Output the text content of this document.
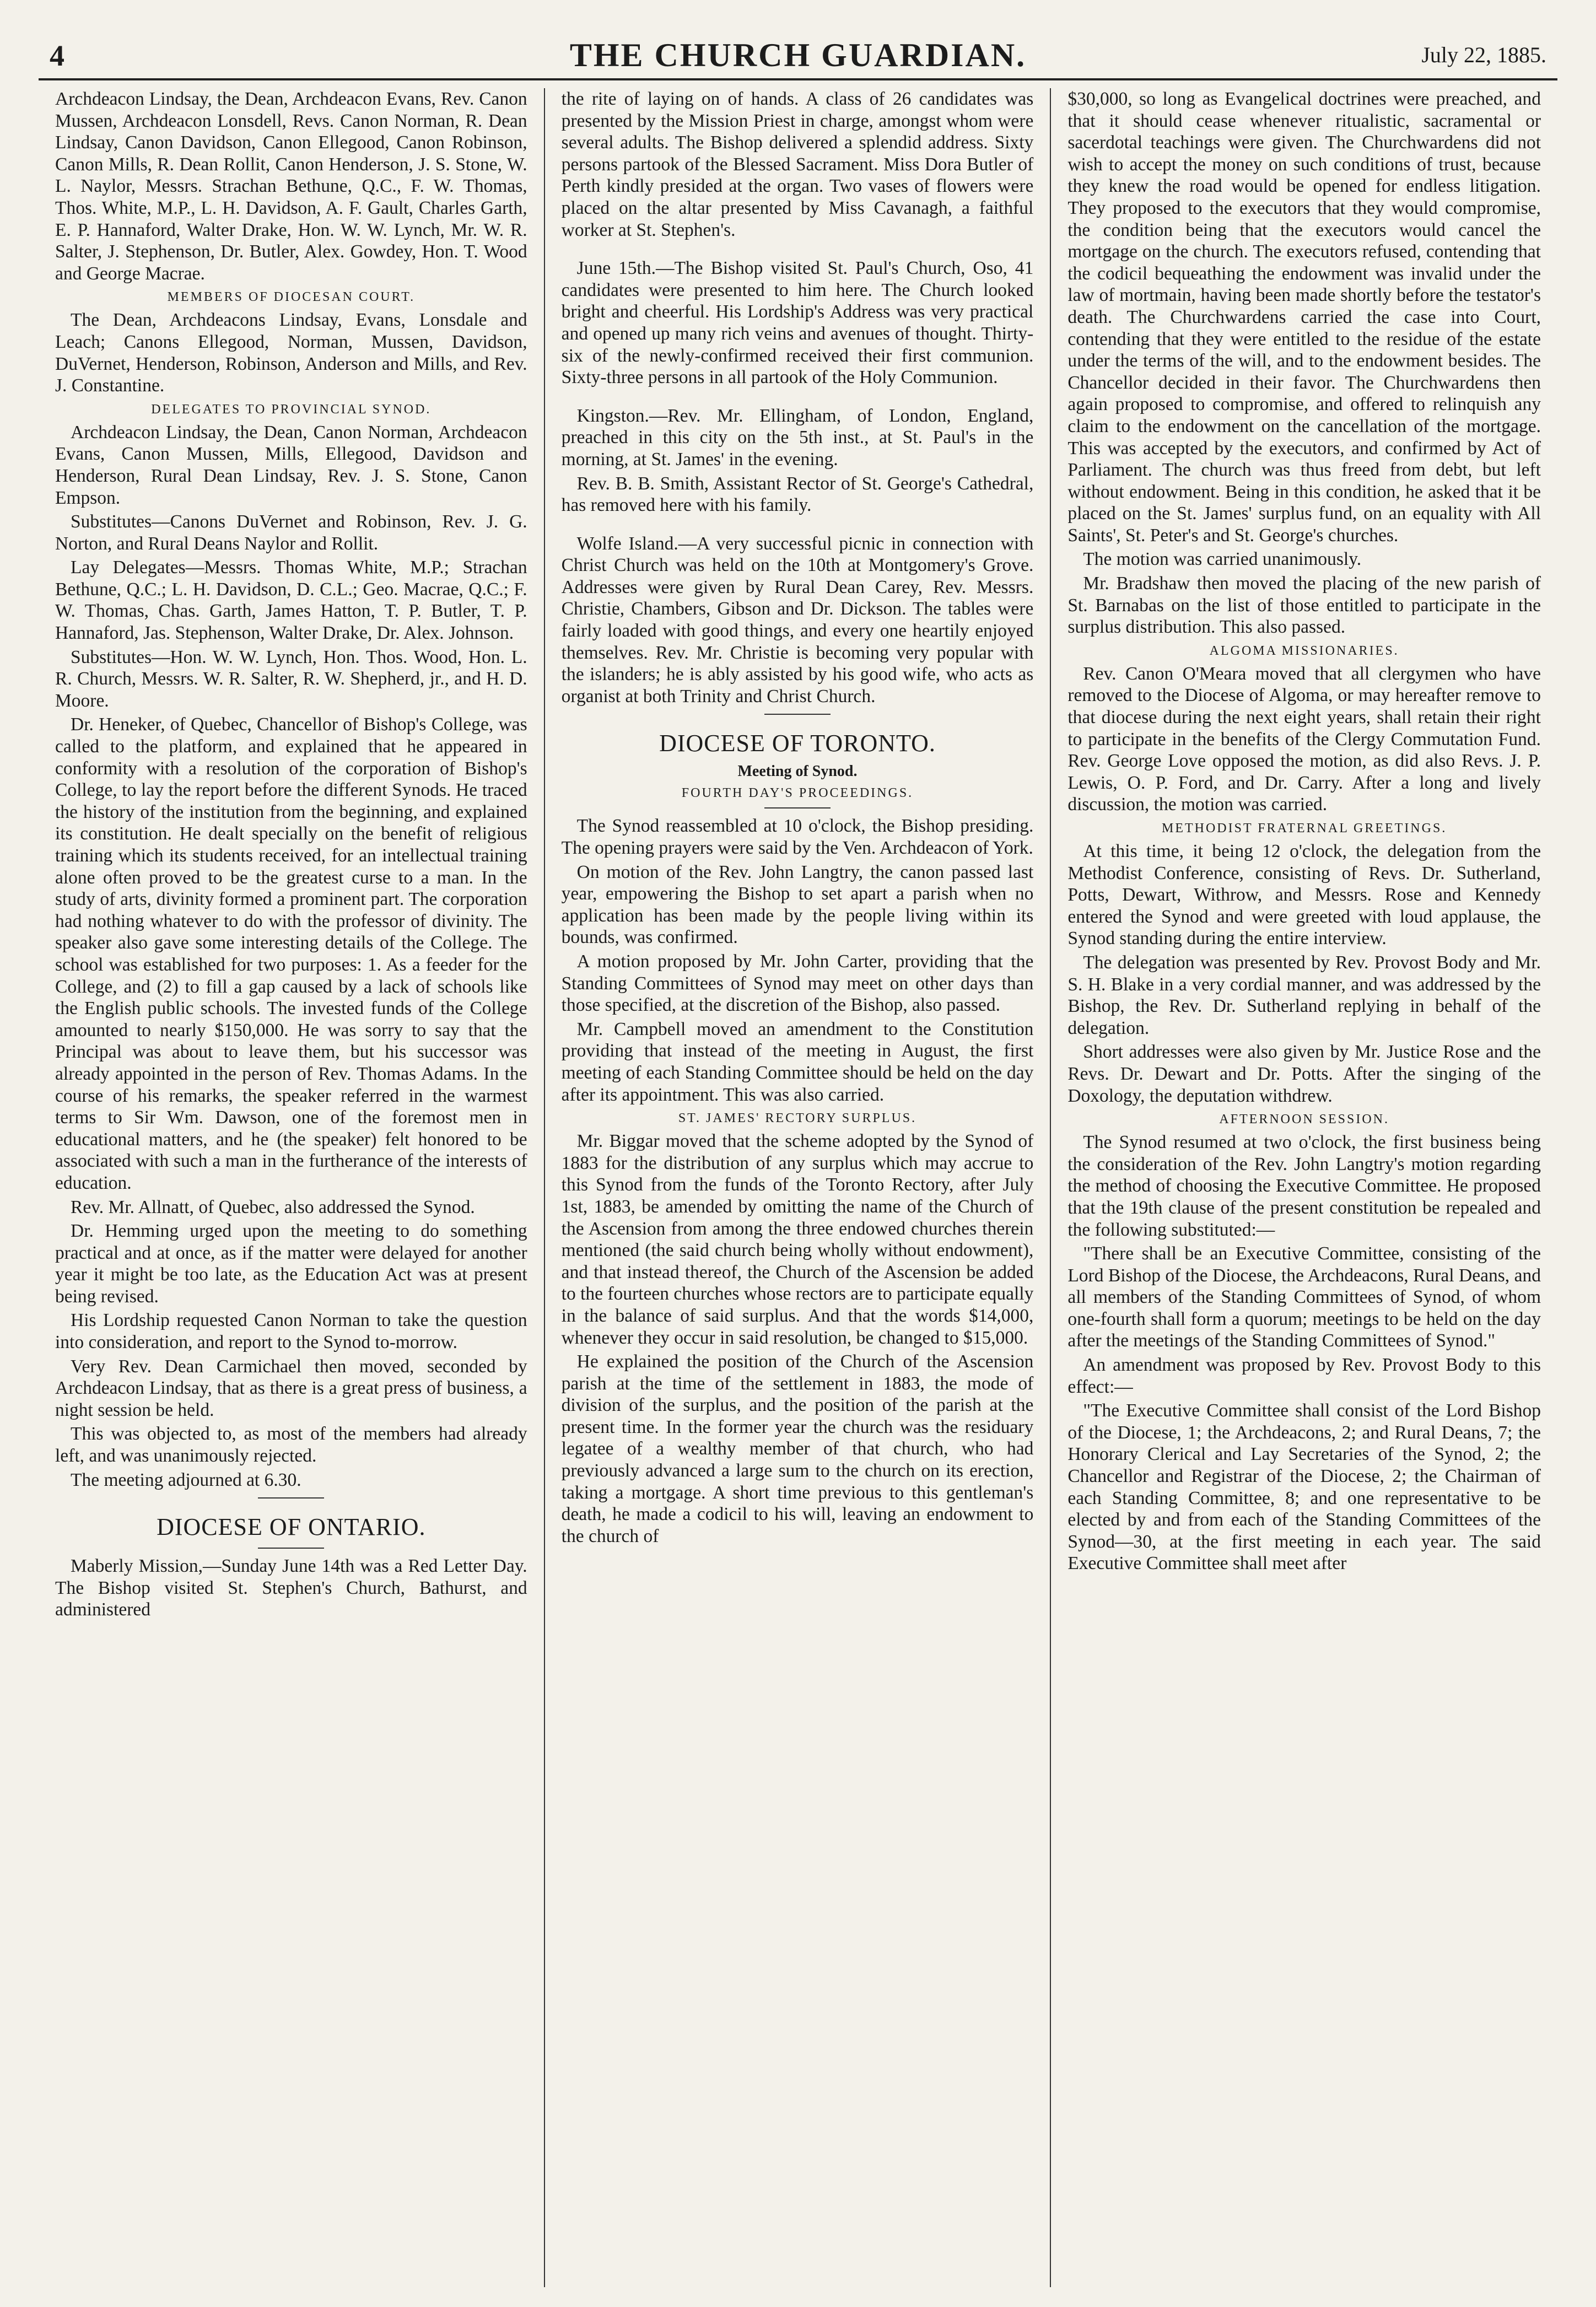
4	THE CHURCH GUARDIAN.	July 22, 1885.

Archdeacon Lindsay, the Dean, Archdeacon Evans, Rev. Canon Mussen, Archdeacon Lonsdell, Revs. Canon Norman, R. Dean Lindsay, Canon Davidson, Canon Ellegood, Canon Robinson, Canon Mills, R. Dean Rollit, Canon Henderson, J. S. Stone, W. L. Naylor, Messrs. Strachan Bethune, Q.C., F. W. Thomas, Thos. White, M.P., L. H. Davidson, A. F. Gault, Charles Garth, E. P. Hannaford, Walter Drake, Hon. W. W. Lynch, Mr. W. R. Salter, J. Stephenson, Dr. Butler, Alex. Gowdey, Hon. T. Wood and George Macrae.

MEMBERS OF DIOCESAN COURT.

The Dean, Archdeacons Lindsay, Evans, Lonsdale and Leach; Canons Ellegood, Norman, Mussen, Davidson, DuVernet, Henderson, Robinson, Anderson and Mills, and Rev. J. Constantine.

DELEGATES TO PROVINCIAL SYNOD.

Archdeacon Lindsay, the Dean, Canon Norman, Archdeacon Evans, Canon Mussen, Mills, Ellegood, Davidson and Henderson, Rural Dean Lindsay, Rev. J. S. Stone, Canon Empson.

Substitutes—Canons DuVernet and Robinson, Rev. J. G. Norton, and Rural Deans Naylor and Rollit.

Lay Delegates—Messrs. Thomas White, M.P.; Strachan Bethune, Q.C.; L. H. Davidson, D. C.L.; Geo. Macrae, Q.C.; F. W. Thomas, Chas. Garth, James Hatton, T. P. Butler, T. P. Hannaford, Jas. Stephenson, Walter Drake, Dr. Alex. Johnson.

Substitutes—Hon. W. W. Lynch, Hon. Thos. Wood, Hon. L. R. Church, Messrs. W. R. Salter, R. W. Shepherd, jr., and H. D. Moore.

Dr. Heneker, of Quebec, Chancellor of Bishop's College, was called to the platform, and explained that he appeared in conformity with a resolution of the corporation of Bishop's College, to lay the report before the different Synods. He traced the history of the institution from the beginning, and explained its constitution. He dealt specially on the benefit of religious training which its students received, for an intellectual training alone often proved to be the greatest curse to a man. In the study of arts, divinity formed a prominent part. The corporation had nothing whatever to do with the professor of divinity. The speaker also gave some interesting details of the College. The school was established for two purposes: 1. As a feeder for the College, and (2) to fill a gap caused by a lack of schools like the English public schools. The invested funds of the College amounted to nearly $150,000. He was sorry to say that the Principal was about to leave them, but his successor was already appointed in the person of Rev. Thomas Adams. In the course of his remarks, the speaker referred in the warmest terms to Sir Wm. Dawson, one of the foremost men in educational matters, and he (the speaker) felt honored to be associated with such a man in the furtherance of the interests of education.

Rev. Mr. Allnatt, of Quebec, also addressed the Synod.

Dr. Hemming urged upon the meeting to do something practical and at once, as if the matter were delayed for another year it might be too late, as the Education Act was at present being revised.

His Lordship requested Canon Norman to take the question into consideration, and report to the Synod to-morrow.

Very Rev. Dean Carmichael then moved, seconded by Archdeacon Lindsay, that as there is a great press of business, a night session be held.

This was objected to, as most of the members had already left, and was unanimously rejected.

The meeting adjourned at 6.30.

DIOCESE OF ONTARIO.

Maberly Mission,—Sunday June 14th was a Red Letter Day. The Bishop visited St. Stephen's Church, Bathurst, and administered

the rite of laying on of hands. A class of 26 candidates was presented by the Mission Priest in charge, amongst whom were several adults. The Bishop delivered a splendid address. Sixty persons partook of the Blessed Sacrament. Miss Dora Butler of Perth kindly presided at the organ. Two vases of flowers were placed on the altar presented by Miss Cavanagh, a faithful worker at St. Stephen's.

June 15th.—The Bishop visited St. Paul's Church, Oso, 41 candidates were presented to him here. The Church looked bright and cheerful. His Lordship's Address was very practical and opened up many rich veins and avenues of thought. Thirty-six of the newly-confirmed received their first communion. Sixty-three persons in all partook of the Holy Communion.

Kingston.—Rev. Mr. Ellingham, of London, England, preached in this city on the 5th inst., at St. Paul's in the morning, at St. James' in the evening.

Rev. B. B. Smith, Assistant Rector of St. George's Cathedral, has removed here with his family.

Wolfe Island.—A very successful picnic in connection with Christ Church was held on the 10th at Montgomery's Grove. Addresses were given by Rural Dean Carey, Rev. Messrs. Christie, Chambers, Gibson and Dr. Dickson. The tables were fairly loaded with good things, and every one heartily enjoyed themselves. Rev. Mr. Christie is becoming very popular with the islanders; he is ably assisted by his good wife, who acts as organist at both Trinity and Christ Church.

DIOCESE OF TORONTO.
Meeting of Synod.
FOURTH DAY'S PROCEEDINGS.

The Synod reassembled at 10 o'clock, the Bishop presiding. The opening prayers were said by the Ven. Archdeacon of York.

On motion of the Rev. John Langtry, the canon passed last year, empowering the Bishop to set apart a parish when no application has been made by the people living within its bounds, was confirmed.

A motion proposed by Mr. John Carter, providing that the Standing Committees of Synod may meet on other days than those specified, at the discretion of the Bishop, also passed.

Mr. Campbell moved an amendment to the Constitution providing that instead of the meeting in August, the first meeting of each Standing Committee should be held on the day after its appointment. This was also carried.

ST. JAMES' RECTORY SURPLUS.

Mr. Biggar moved that the scheme adopted by the Synod of 1883 for the distribution of any surplus which may accrue to this Synod from the funds of the Toronto Rectory, after July 1st, 1883, be amended by omitting the name of the Church of the Ascension from among the three endowed churches therein mentioned (the said church being wholly without endowment), and that instead thereof, the Church of the Ascension be added to the fourteen churches whose rectors are to participate equally in the balance of said surplus. And that the words $14,000, whenever they occur in said resolution, be changed to $15,000.

He explained the position of the Church of the Ascension parish at the time of the settlement in 1883, the mode of division of the surplus, and the position of the parish at the present time. In the former year the church was the residuary legatee of a wealthy member of that church, who had previously advanced a large sum to the church on its erection, taking a mortgage. A short time previous to this gentleman's death, he made a codicil to his will, leaving an endowment to the church of

$30,000, so long as Evangelical doctrines were preached, and that it should cease whenever ritualistic, sacramental or sacerdotal teachings were given. The Churchwardens did not wish to accept the money on such conditions of trust, because they knew the road would be opened for endless litigation. They proposed to the executors that they would compromise, the condition being that the executors would cancel the mortgage on the church. The executors refused, contending that the codicil bequeathing the endowment was invalid under the law of mortmain, having been made shortly before the testator's death. The Churchwardens carried the case into Court, contending that they were entitled to the residue of the estate under the terms of the will, and to the endowment besides. The Chancellor decided in their favor. The Churchwardens then again proposed to compromise, and offered to relinquish any claim to the endowment on the cancellation of the mortgage. This was accepted by the executors, and confirmed by Act of Parliament. The church was thus freed from debt, but left without endowment. Being in this condition, he asked that it be placed on the St. James' surplus fund, on an equality with All Saints', St. Peter's and St. George's churches.

The motion was carried unanimously.

Mr. Bradshaw then moved the placing of the new parish of St. Barnabas on the list of those entitled to participate in the surplus distribution. This also passed.

ALGOMA MISSIONARIES.

Rev. Canon O'Meara moved that all clergymen who have removed to the Diocese of Algoma, or may hereafter remove to that diocese during the next eight years, shall retain their right to participate in the benefits of the Clergy Commutation Fund. Rev. George Love opposed the motion, as did also Revs. J. P. Lewis, O. P. Ford, and Dr. Carry. After a long and lively discussion, the motion was carried.

METHODIST FRATERNAL GREETINGS.

At this time, it being 12 o'clock, the delegation from the Methodist Conference, consisting of Revs. Dr. Sutherland, Potts, Dewart, Withrow, and Messrs. Rose and Kennedy entered the Synod and were greeted with loud applause, the Synod standing during the entire interview.

The delegation was presented by Rev. Provost Body and Mr. S. H. Blake in a very cordial manner, and was addressed by the Bishop, the Rev. Dr. Sutherland replying in behalf of the delegation.

Short addresses were also given by Mr. Justice Rose and the Revs. Dr. Dewart and Dr. Potts. After the singing of the Doxology, the deputation withdrew.

AFTERNOON SESSION.

The Synod resumed at two o'clock, the first business being the consideration of the Rev. John Langtry's motion regarding the method of choosing the Executive Committee. He proposed that the 19th clause of the present constitution be repealed and the following substituted:—

"There shall be an Executive Committee, consisting of the Lord Bishop of the Diocese, the Archdeacons, Rural Deans, and all members of the Standing Committees of Synod, of whom one-fourth shall form a quorum; meetings to be held on the day after the meetings of the Standing Committees of Synod."

An amendment was proposed by Rev. Provost Body to this effect:—

"The Executive Committee shall consist of the Lord Bishop of the Diocese, 1; the Archdeacons, 2; and Rural Deans, 7; the Honorary Clerical and Lay Secretaries of the Synod, 2; the Chancellor and Registrar of the Diocese, 2; the Chairman of each Standing Committee, 8; and one representative to be elected by and from each of the Standing Committees of the Synod—30, at the first meeting in each year. The said Executive Committee shall meet after
